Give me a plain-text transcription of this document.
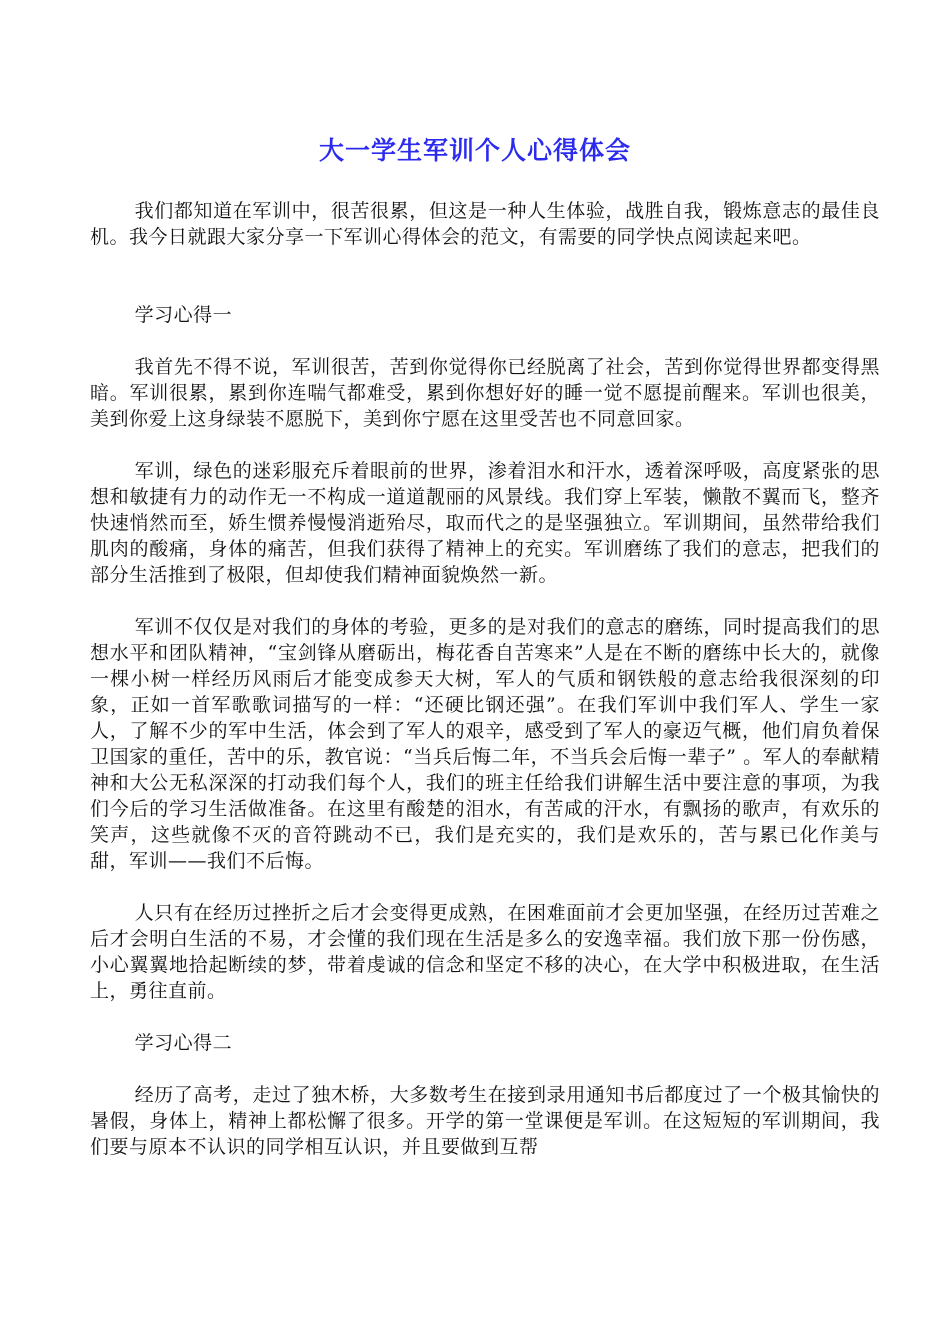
大一学生军训个人心得体会

我们都知道在军训中，很苦很累，但这是一种人生体验，战胜自我，锻炼意志的最佳良机。我今日就跟大家分享一下军训心得体会的范文，有需要的同学快点阅读起来吧。

学习心得一

我首先不得不说，军训很苦，苦到你觉得你已经脱离了社会，苦到你觉得世界都变得黑暗。军训很累，累到你连喘气都难受，累到你想好好的睡一觉不愿提前醒来。军训也很美，美到你爱上这身绿装不愿脱下，美到你宁愿在这里受苦也不同意回家。

军训，绿色的迷彩服充斥着眼前的世界，渗着泪水和汗水，透着深呼吸，高度紧张的思想和敏捷有力的动作无一不构成一道道靓丽的风景线。我们穿上军装，懒散不翼而飞，整齐快速悄然而至，娇生惯养慢慢消逝殆尽，取而代之的是坚强独立。军训期间，虽然带给我们肌肉的酸痛，身体的痛苦，但我们获得了精神上的充实。军训磨练了我们的意志，把我们的部分生活推到了极限，但却使我们精神面貌焕然一新。

军训不仅仅是对我们的身体的考验，更多的是对我们的意志的磨练，同时提高我们的思想水平和团队精神，“宝剑锋从磨砺出，梅花香自苦寒来”人是在不断的磨练中长大的，就像一棵小树一样经历风雨后才能变成参天大树，军人的气质和钢铁般的意志给我很深刻的印象，正如一首军歌歌词描写的一样：“还硬比钢还强”。在我们军训中我们军人、学生一家人，了解不少的军中生活，体会到了军人的艰辛，感受到了军人的豪迈气概，他们肩负着保卫国家的重任，苦中的乐，教官说：“当兵后悔二年，不当兵会后悔一辈子” 。军人的奉献精神和大公无私深深的打动我们每个人，我们的班主任给我们讲解生活中要注意的事项，为我们今后的学习生活做准备。在这里有酸楚的泪水，有苦咸的汗水，有飘扬的歌声，有欢乐的笑声，这些就像不灭的音符跳动不已，我们是充实的，我们是欢乐的，苦与累已化作美与甜，军训——我们不后悔。

人只有在经历过挫折之后才会变得更成熟，在困难面前才会更加坚强，在经历过苦难之后才会明白生活的不易，才会懂的我们现在生活是多么的安逸幸福。我们放下那一份伤感，小心翼翼地拾起断续的梦，带着虔诚的信念和坚定不移的决心，在大学中积极进取，在生活上，勇往直前。

学习心得二

经历了高考，走过了独木桥，大多数考生在接到录用通知书后都度过了一个极其愉快的暑假，身体上，精神上都松懈了很多。开学的第一堂课便是军训。在这短短的军训期间，我们要与原本不认识的同学相互认识，并且要做到互帮
